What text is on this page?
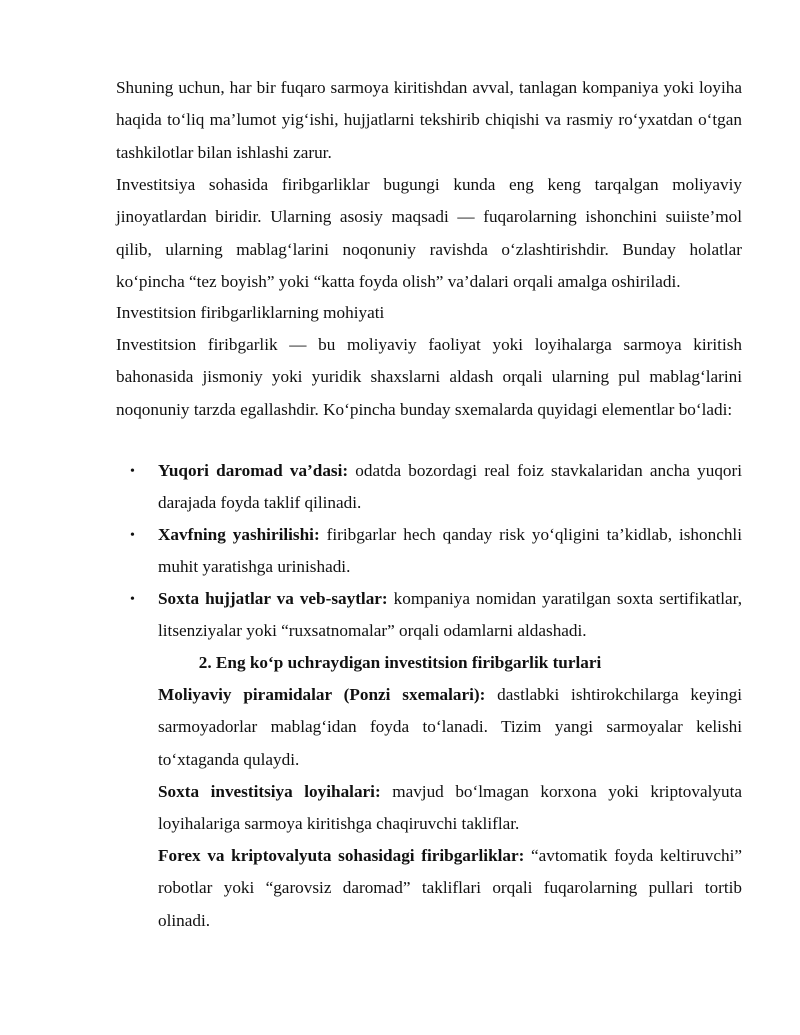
Shuning uchun, har bir fuqaro sarmoya kiritishdan avval, tanlagan kompaniya yoki loyiha haqida to‘liq ma’lumot yig‘ishi, hujjatlarni tekshirib chiqishi va rasmiy ro‘yxatdan o‘tgan tashkilotlar bilan ishlashi zarur.

Investitsiya sohasida firibgarliklar bugungi kunda eng keng tarqalgan moliyaviy jinoyatlardan biridir. Ularning asosiy maqsadi — fuqarolarning ishonchini suiiste’mol qilib, ularning mablag‘larini noqonuniy ravishda o‘zlashtirishdir. Bunday holatlar ko‘pincha “tez boyish” yoki “katta foyda olish” va’dalari orqali amalga oshiriladi.

Investitsion firibgarliklarning mohiyati

Investitsion firibgarlik — bu moliyaviy faoliyat yoki loyihalarga sarmoya kiritish bahonasida jismoniy yoki yuridik shaxslarni aldash orqali ularning pul mablag‘larini noqonuniy tarzda egallashdir. Ko‘pincha bunday sxemalarda quyidagi elementlar bo‘ladi:

• Yuqori daromad va’dasi: odatda bozordagi real foiz stavkalaridan ancha yuqori darajada foyda taklif qilinadi.

• Xavfning yashirilishi: firibgarlar hech qanday risk yo‘qligini ta’kidlab, ishonchli muhit yaratishga urinishadi.

• Soxta hujjatlar va veb-saytlar: kompaniya nomidan yaratilgan soxta sertifikatlar, litsenziyalar yoki “ruxsatnomalar” orqali odamlarni aldashadi.

2. Eng ko‘p uchraydigan investitsion firibgarlik turlari

Moliyaviy piramidalar (Ponzi sxemalari): dastlabki ishtirokchilarga keyingi sarmoyadorlar mablag‘idan foyda to‘lanadi. Tizim yangi sarmoyalar kelishi to‘xtaganda qulaydi.

Soxta investitsiya loyihalari: mavjud bo‘lmagan korxona yoki kriptovalyuta loyihalariga sarmoya kiritishga chaqiruvchi takliflar.

Forex va kriptovalyuta sohasidagi firibgarliklar: “avtomatik foyda keltiruvchi” robotlar yoki “garovsiz daromad” takliflari orqali fuqarolarning pullari tortib olinadi.
